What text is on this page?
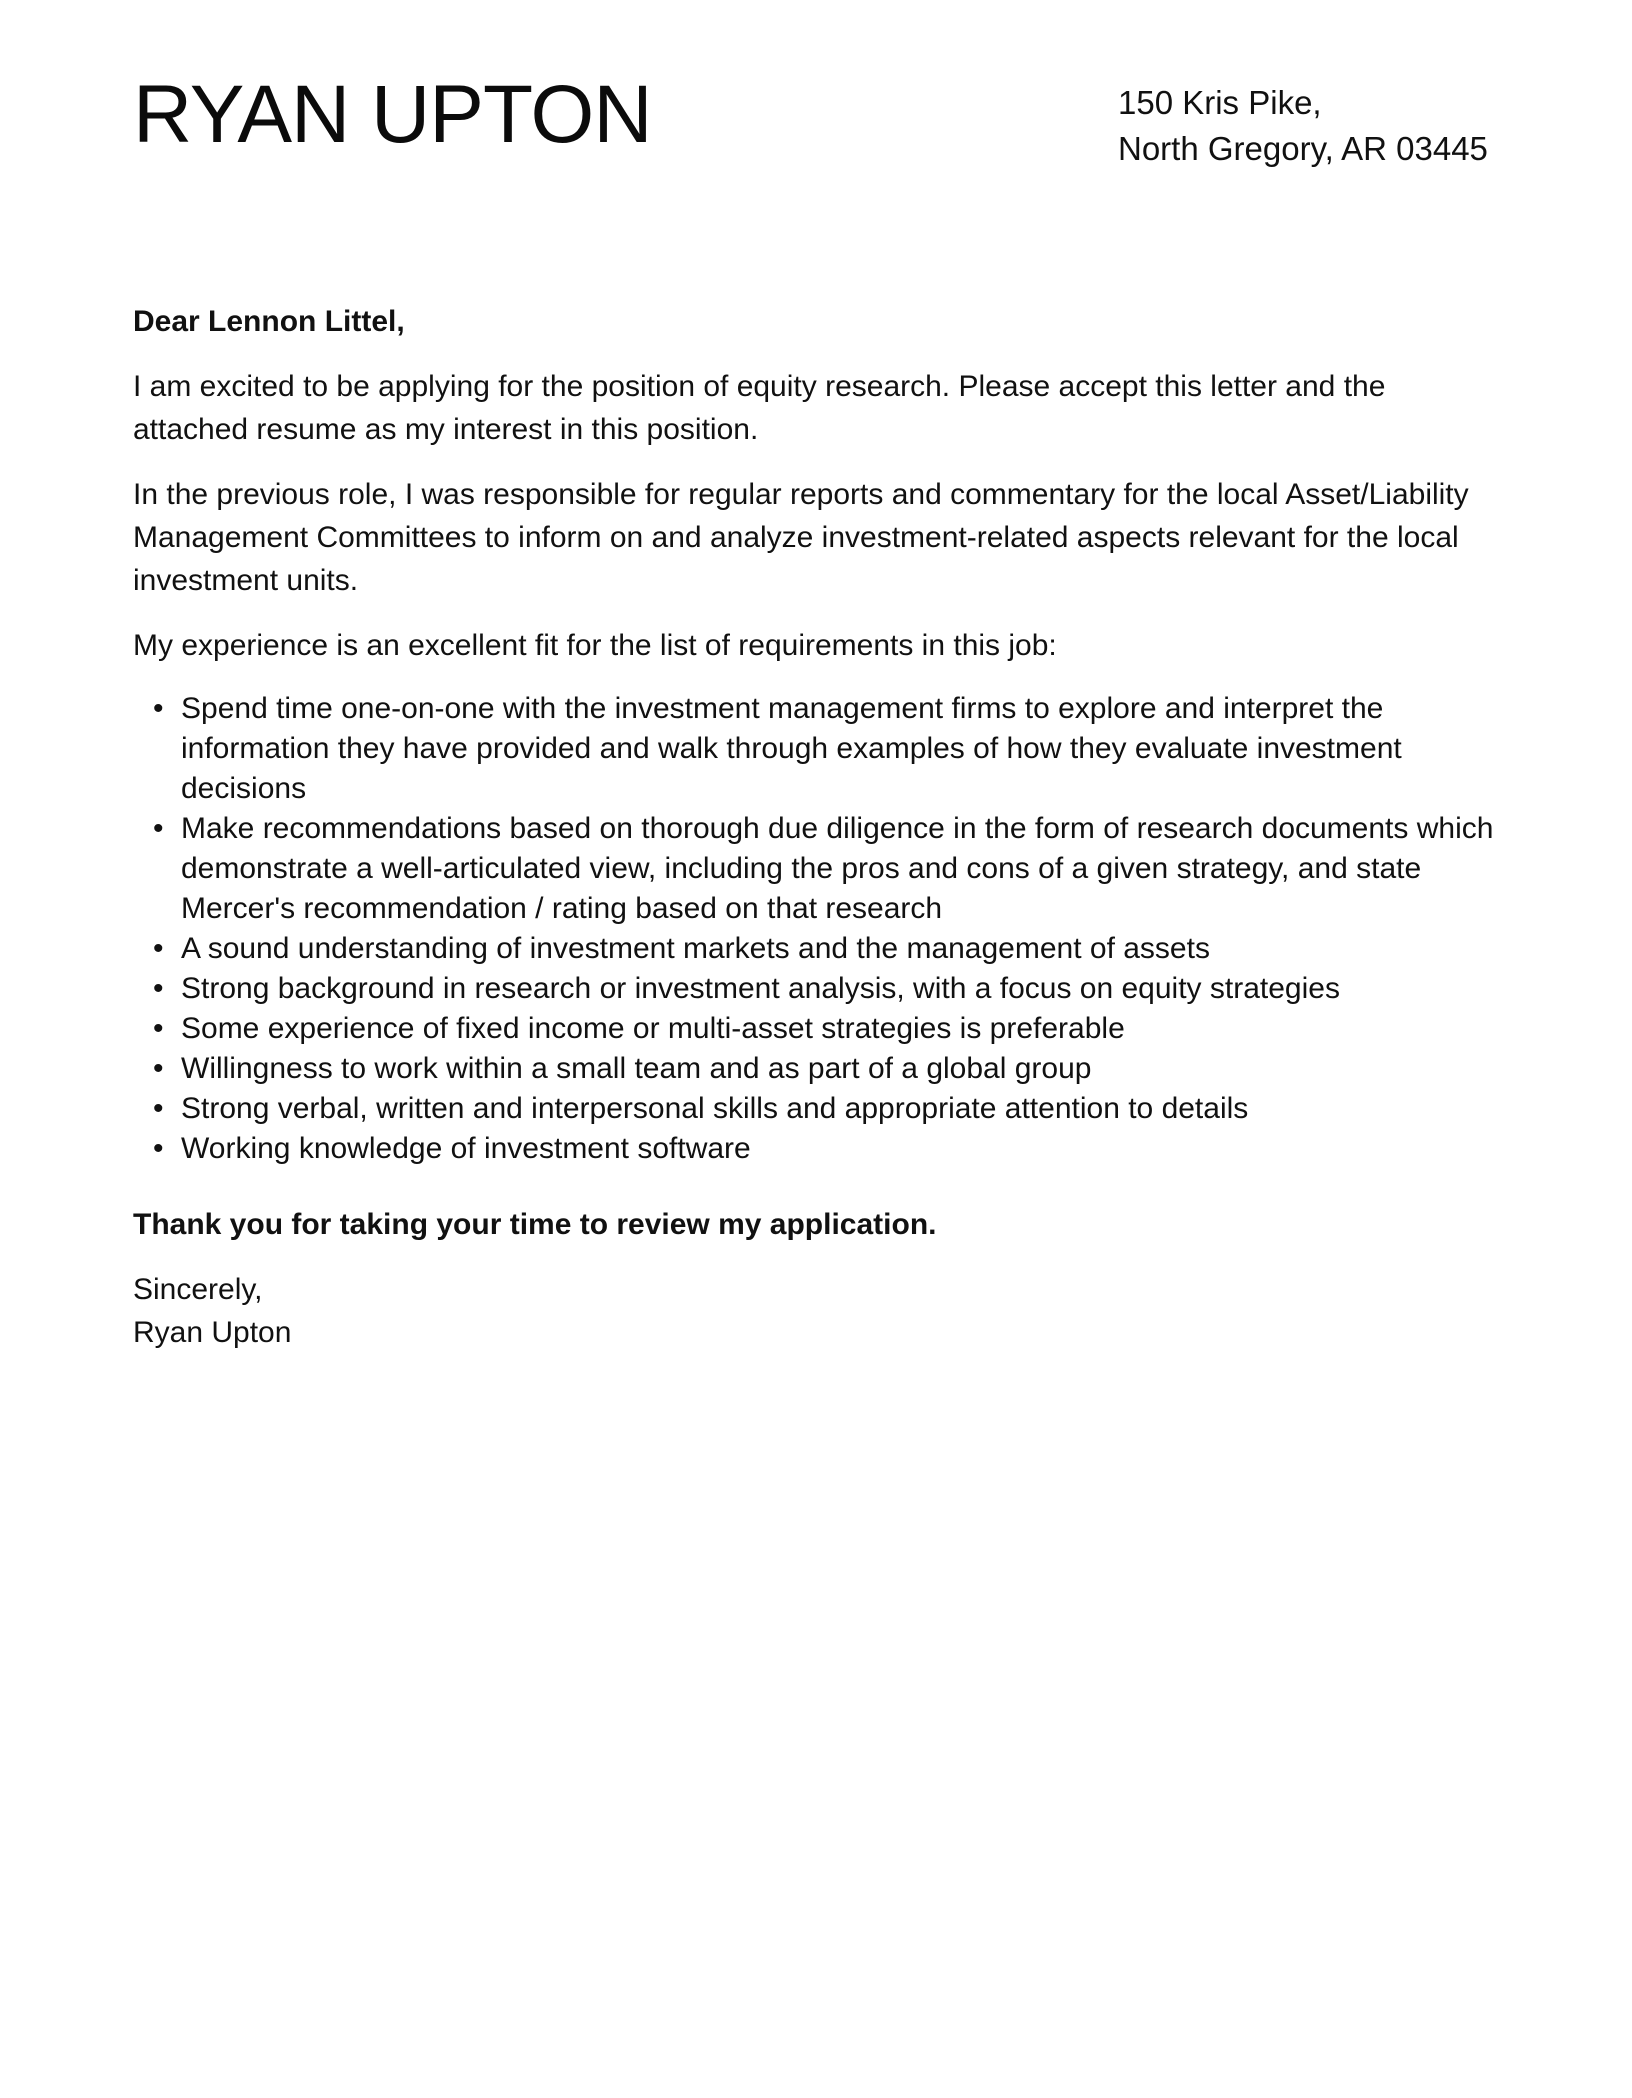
RYAN UPTON	150 Kris Pike,
North Gregory, AR 03445

Dear Lennon Littel,

I am excited to be applying for the position of equity research. Please accept this letter and the attached resume as my interest in this position.

In the previous role, I was responsible for regular reports and commentary for the local Asset/Liability Management Committees to inform on and analyze investment-related aspects relevant for the local investment units.

My experience is an excellent fit for the list of requirements in this job:

• Spend time one-on-one with the investment management firms to explore and interpret the information they have provided and walk through examples of how they evaluate investment decisions
• Make recommendations based on thorough due diligence in the form of research documents which demonstrate a well-articulated view, including the pros and cons of a given strategy, and state Mercer's recommendation / rating based on that research
• A sound understanding of investment markets and the management of assets
• Strong background in research or investment analysis, with a focus on equity strategies
• Some experience of fixed income or multi-asset strategies is preferable
• Willingness to work within a small team and as part of a global group
• Strong verbal, written and interpersonal skills and appropriate attention to details
• Working knowledge of investment software

Thank you for taking your time to review my application.

Sincerely,
Ryan Upton
